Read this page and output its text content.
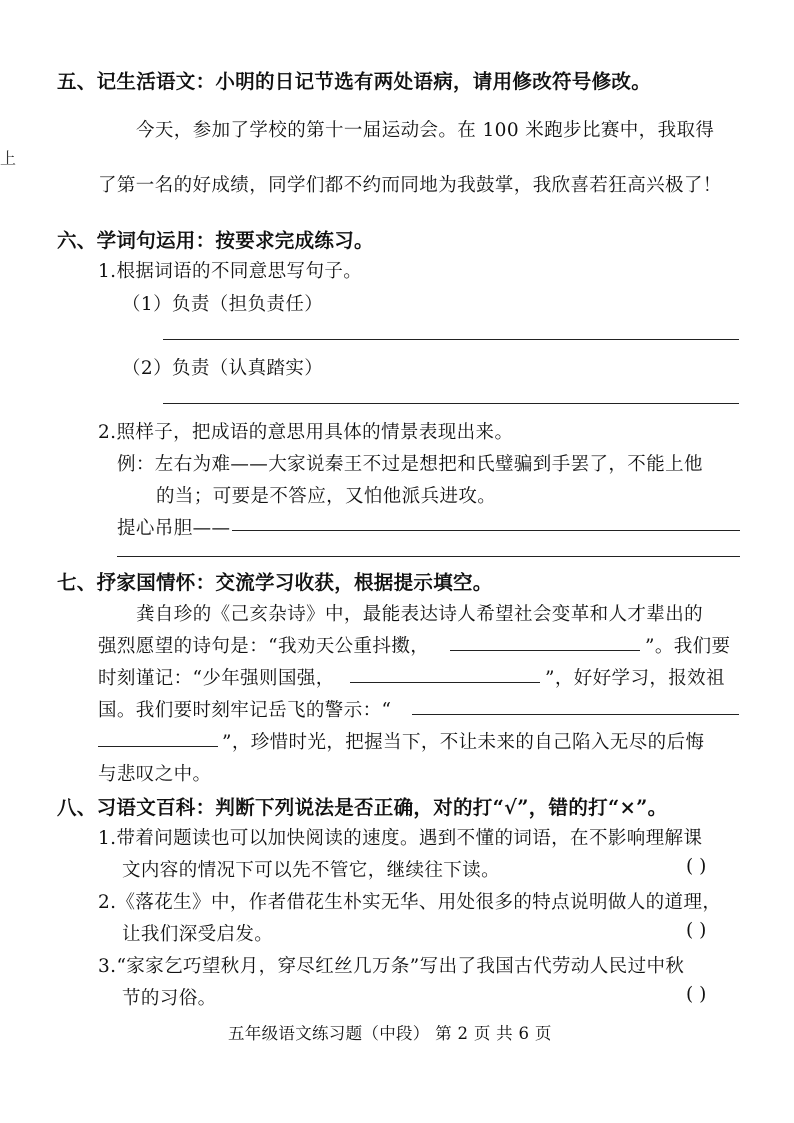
上
五、记生活语文：小明的日记节选有两处语病，请用修改符号修改。
今天，参加了学校的第十一届运动会。在 100 米跑步比赛中，我取得
了第一名的好成绩，同学们都不约而同地为我鼓掌，我欣喜若狂高兴极了！
六、学词句运用：按要求完成练习。
1.根据词语的不同意思写句子。
（1）负责（担负责任）
（2）负责（认真踏实）
2.照样子，把成语的意思用具体的情景表现出来。
例：左右为难——大家说秦王不过是想把和氏璧骗到手罢了，不能上他
的当；可要是不答应，又怕他派兵进攻。
提心吊胆——
七、抒家国情怀：交流学习收获，根据提示填空。
龚自珍的《己亥杂诗》中，最能表达诗人希望社会变革和人才辈出的
强烈愿望的诗句是：“我劝天公重抖擞，	”。我们要
时刻谨记：“少年强则国强，	”，好好学习，报效祖
国。我们要时刻牢记岳飞的警示：“
”，珍惜时光，把握当下，不让未来的自己陷入无尽的后悔
与悲叹之中。
八、习语文百科：判断下列说法是否正确，对的打“√”，错的打“×”。
1.带着问题读也可以加快阅读的速度。遇到不懂的词语，在不影响理解课
文内容的情况下可以先不管它，继续往下读。	( )
2.《落花生》中，作者借花生朴实无华、用处很多的特点说明做人的道理，
让我们深受启发。	( )
3.“家家乞巧望秋月，穿尽红丝几万条”写出了我国古代劳动人民过中秋
节的习俗。	( )
五年级语文练习题（中段） 第 2 页 共 6 页
